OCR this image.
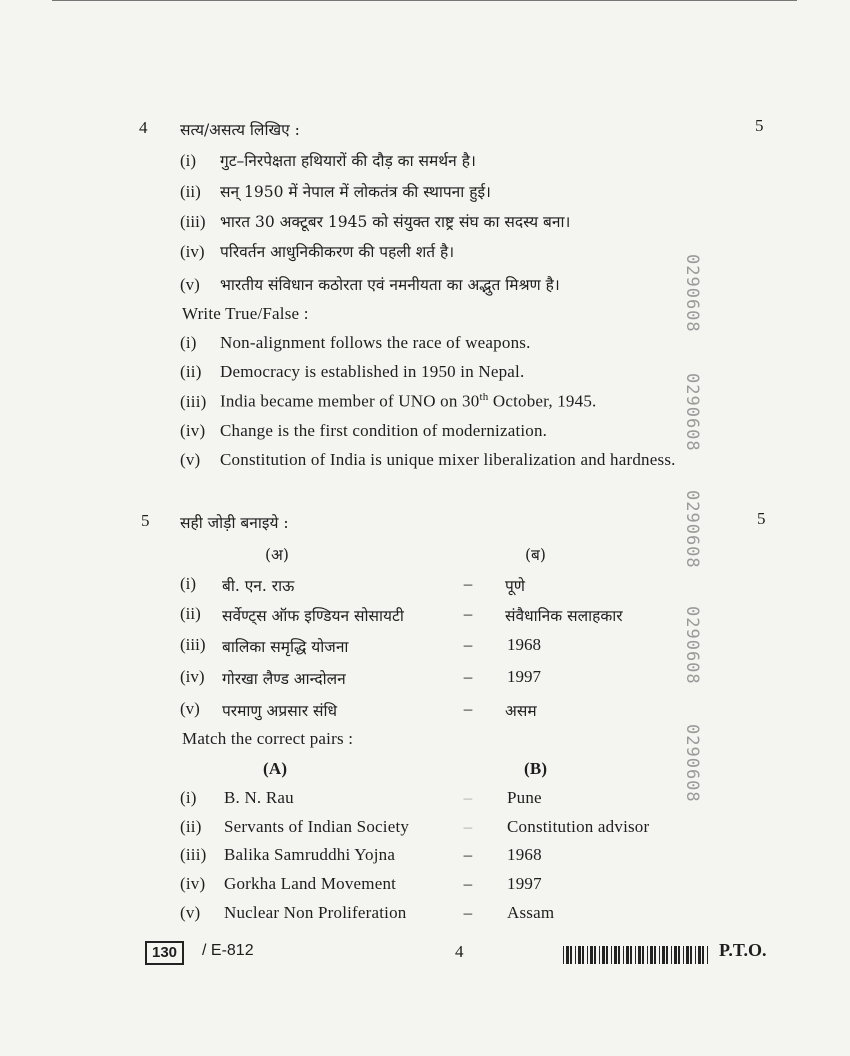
4 सत्य/असत्य लिखिए :	5
(i) गुट–निरपेक्षता हथियारों की दौड़ का समर्थन है।
(ii) सन् 1950 में नेपाल में लोकतंत्र की स्थापना हुई।
(iii) भारत 30 अक्टूबर 1945 को संयुक्त राष्ट्र संघ का सदस्य बना।
(iv) परिवर्तन आधुनिकीकरण की पहली शर्त है।
(v) भारतीय संविधान कठोरता एवं नमनीयता का अद्भुत मिश्रण है।
Write True/False :
(i) Non-alignment follows the race of weapons.
(ii) Democracy is established in 1950 in Nepal.
(iii) India became member of UNO on 30th October, 1945.
(iv) Change is the first condition of modernization.
(v) Constitution of India is unique mixer liberalization and hardness.
5 सही जोड़ी बनाइये :	5
(अ)	(ब)
(i) बी. एन. राऊ	–	पूणे
(ii) सर्वेण्ट्स ऑफ इण्डियन सोसायटी	–	संवैधानिक सलाहकार
(iii) बालिका समृद्धि योजना	–	1968
(iv) गोरखा लैण्ड आन्दोलन	–	1997
(v) परमाणु अप्रसार संधि	–	असम
Match the correct pairs :
(A)	(B)
(i) B. N. Rau	–	Pune
(ii) Servants of Indian Society	–	Constitution advisor
(iii) Balika Samruddhi Yojna	–	1968
(iv) Gorkha Land Movement	–	1997
(v) Nuclear Non Proliferation	–	Assam
0290608
0290608
0290608
0290608
0290608
130	/ E-812	4	P.T.O.
